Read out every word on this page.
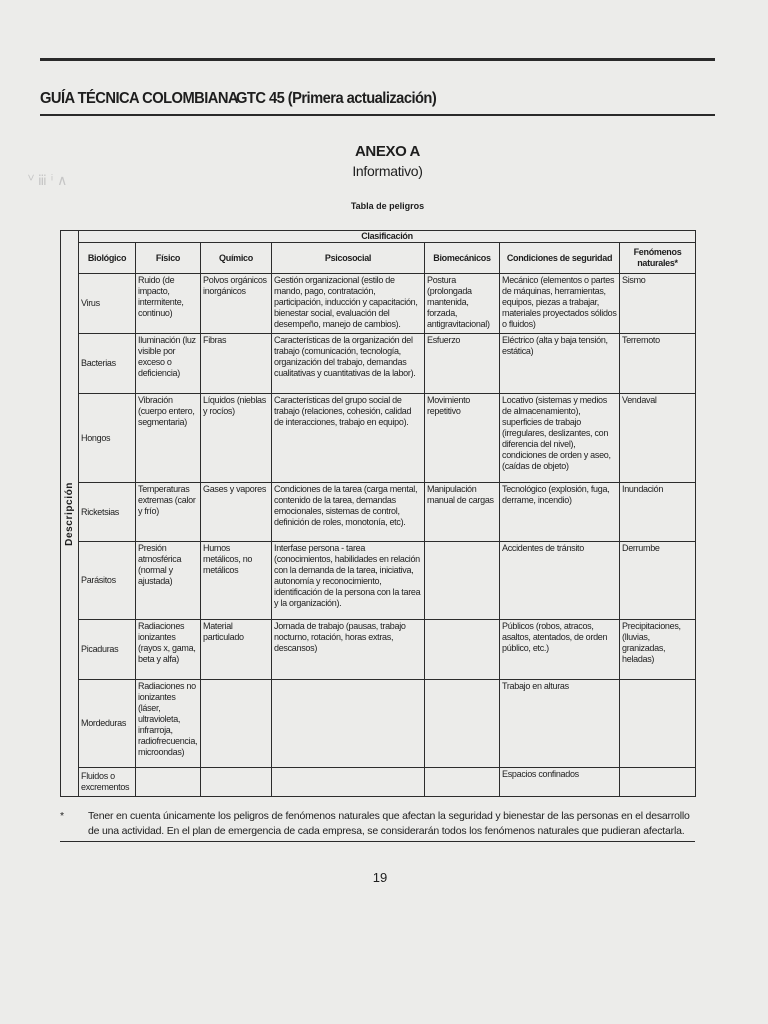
GUÍA TÉCNICA COLOMBIANA
GTC 45 (Primera actualización)
ⱽ ⅲ ⁱ ∧
ANEXO A
Informativo)
Tabla de peligros
Descripción	Clasificación						
	Biológico	Físico	Químico	Psicosocial	Biomecánicos	Condiciones de seguridad	Fenómenos naturales*
	Virus	Ruido (de impacto, intermitente, continuo)	Polvos orgánicos inorgánicos	Gestión organizacional (estilo de mando, pago, contratación, participación, inducción y capacitación, bienestar social, evaluación del desempeño, manejo de cambios).	Postura (prolongada mantenida, forzada, antigravitacional)	Mecánico (elementos o partes de máquinas, herramientas, equipos, piezas a trabajar, materiales proyectados sólidos o fluidos)	Sismo
	Bacterias	Iluminación (luz visible por exceso o deficiencia)	Fibras	Características de la organización del trabajo (comunicación, tecnología, organización del trabajo, demandas cualitativas y cuantitativas de la labor).	Esfuerzo	Eléctrico (alta y baja tensión, estática)	Terremoto
	Hongos	Vibración (cuerpo entero, segmentaria)	Líquidos (nieblas y rocíos)	Características del grupo social de trabajo (relaciones, cohesión, calidad de interacciones, trabajo en equipo).	Movimiento repetitivo	Locativo (sistemas y medios de almacenamiento), superficies de trabajo (irregulares, deslizantes, con diferencia del nivel), condiciones de orden y aseo, (caídas de objeto)	Vendaval
	Ricketsias	Temperaturas extremas (calor y frío)	Gases y vapores	Condiciones de la tarea (carga mental, contenido de la tarea, demandas emocionales, sistemas de control, definición de roles, monotonía, etc).	Manipulación manual de cargas	Tecnológico (explosión, fuga, derrame, incendio)	Inundación
	Parásitos	Presión atmosférica (normal y ajustada)	Humos metálicos, no metálicos	Interfase persona - tarea (conocimientos, habilidades en relación con la demanda de la tarea, iniciativa, autonomía y reconocimiento, identificación de la persona con la tarea y la organización).		Accidentes de tránsito	Derrumbe
	Picaduras	Radiaciones ionizantes (rayos x, gama, beta y alfa)	Material particulado	Jornada de trabajo (pausas, trabajo nocturno, rotación, horas extras, descansos)		Públicos (robos, atracos, asaltos, atentados, de orden público, etc.)	Precipitaciones, (lluvias, granizadas, heladas)
	Mordeduras	Radiaciones no ionizantes (láser, ultravioleta, infrarroja, radiofrecuencia, microondas)				Trabajo en alturas	
	Fluidos o excrementos					Espacios confinados	
* Tener en cuenta únicamente los peligros de fenómenos naturales que afectan la seguridad y bienestar de las personas en el desarrollo de una actividad. En el plan de emergencia de cada empresa, se considerarán todos los fenómenos naturales que pudieran afectarla.
19
